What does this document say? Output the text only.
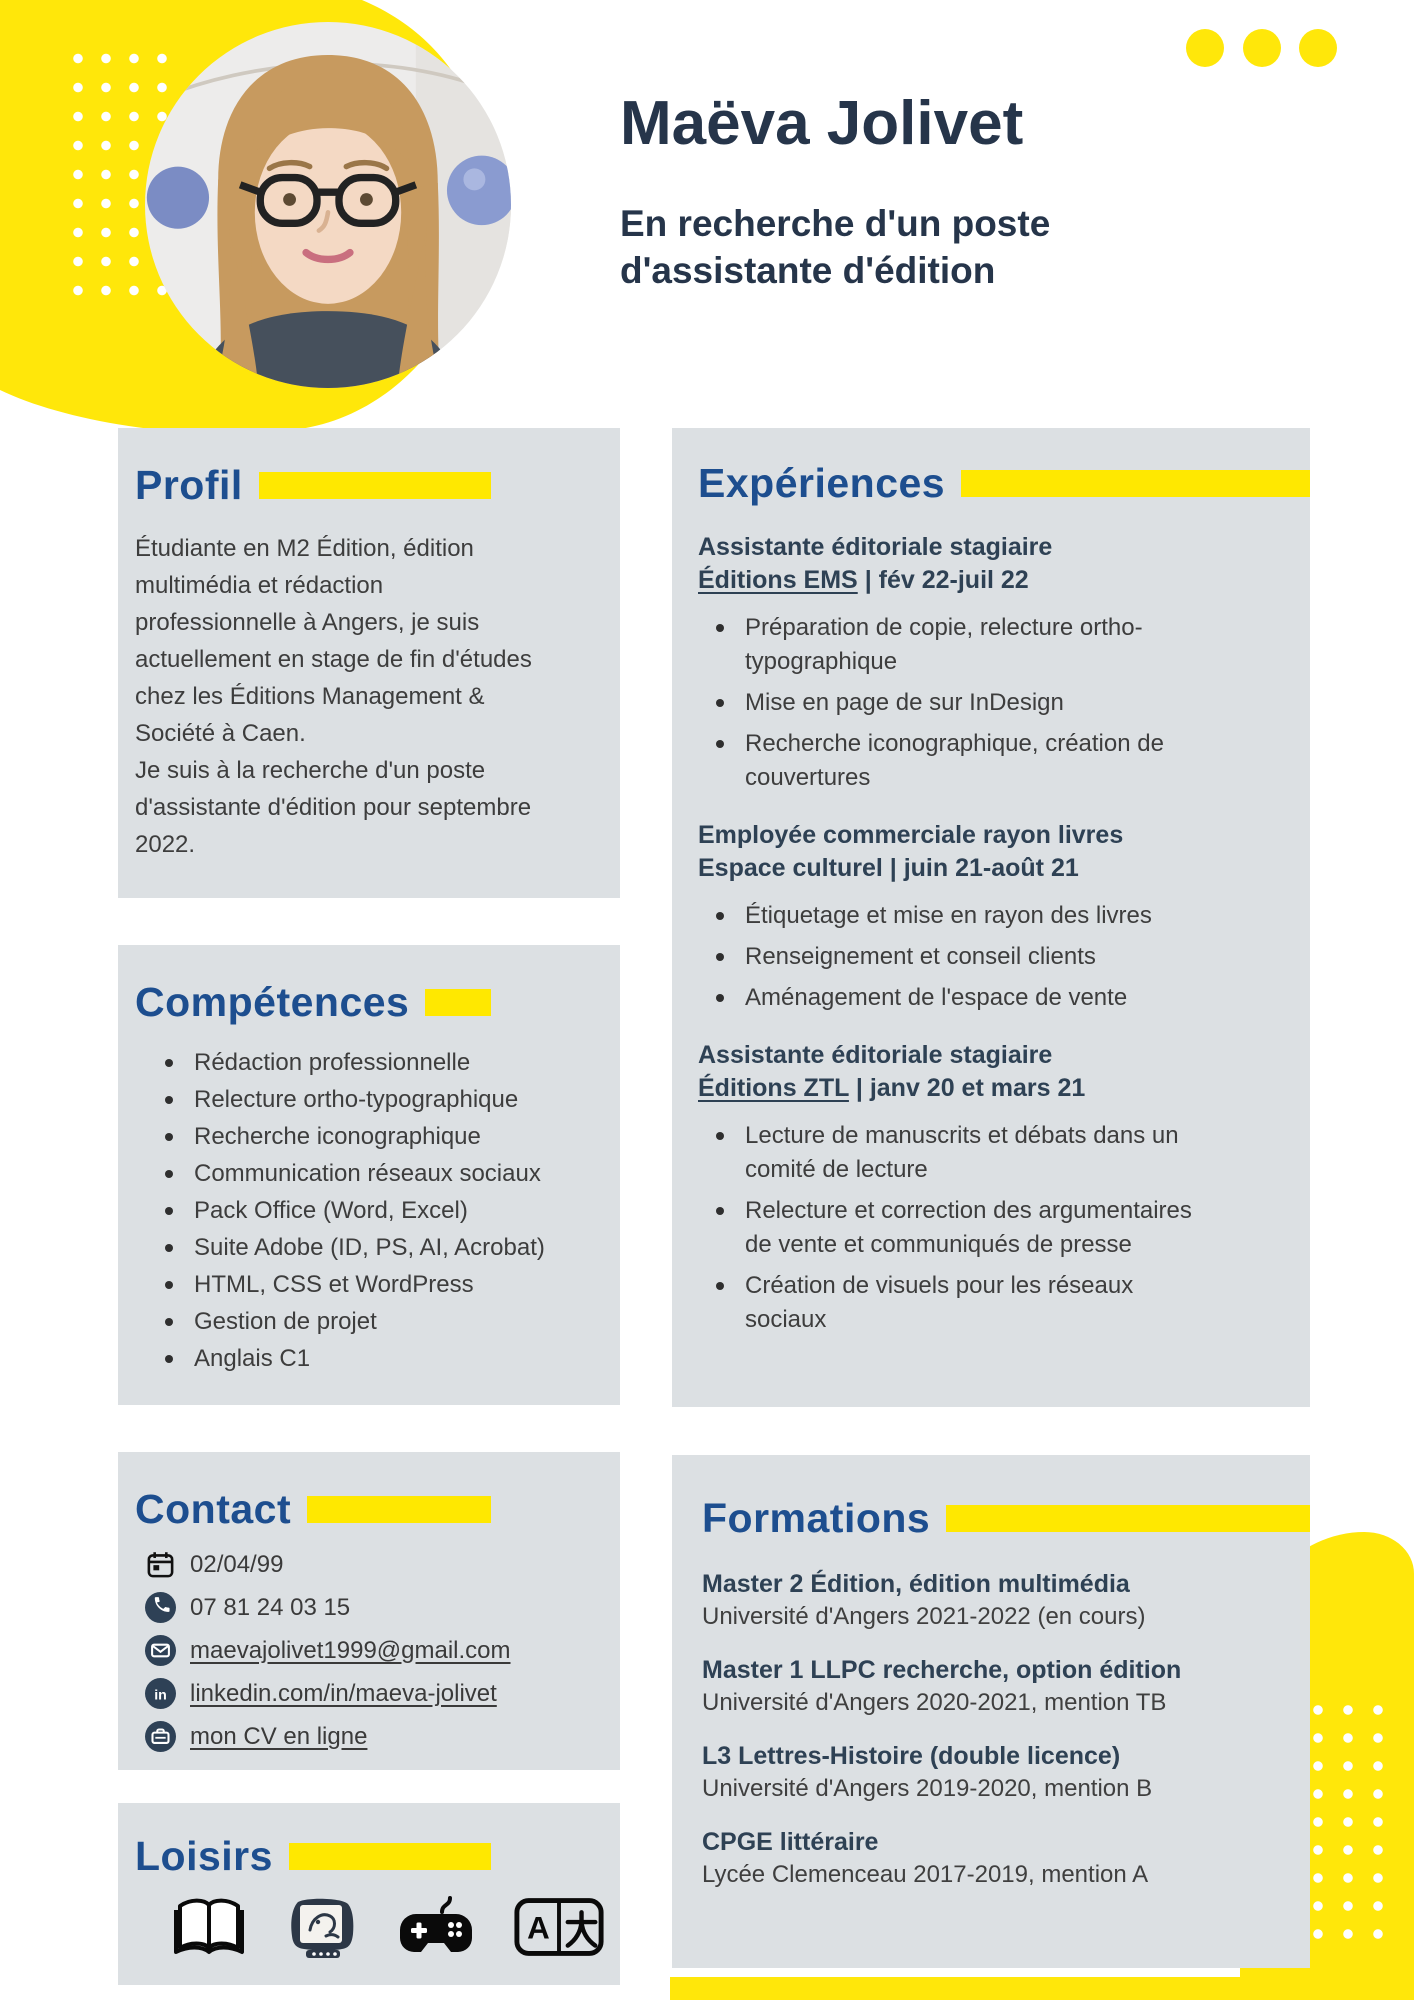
Maëva Jolivet
En recherche d'un poste d'assistante d'édition
Profil
Étudiante en M2 Édition, édition multimédia et rédaction professionnelle à Angers, je suis actuellement en stage de fin d'études chez les Éditions Management & Société à Caen.
Je suis à la recherche d'un poste d'assistante d'édition pour septembre 2022.
Compétences
Rédaction professionnelle
Relecture ortho-typographique
Recherche iconographique
Communication réseaux sociaux
Pack Office (Word, Excel)
Suite Adobe (ID, PS, AI, Acrobat)
HTML, CSS et WordPress
Gestion de projet
Anglais C1
Contact
02/04/99
07 81 24 03 15
maevajolivet1999@gmail.com
in linkedin.com/in/maeva-jolivet
mon CV en ligne
Loisirs
A
Expériences
Assistante éditoriale stagiaire
Éditions EMS | fév 22-juil 22
Préparation de copie, relecture ortho-typographique
Mise en page de sur InDesign
Recherche iconographique, création de couvertures
Employée commerciale rayon livres
Espace culturel | juin 21-août 21
Étiquetage et mise en rayon des livres
Renseignement et conseil clients
Aménagement de l'espace de vente
Assistante éditoriale stagiaire
Éditions ZTL | janv 20 et mars 21
Lecture de manuscrits et débats dans un comité de lecture
Relecture et correction des argumentaires de vente et communiqués de presse
Création de visuels pour les réseaux sociaux
Formations
Master 2 Édition, édition multimédia
Université d'Angers 2021-2022 (en cours)
Master 1 LLPC recherche, option édition
Université d'Angers 2020-2021, mention TB
L3 Lettres-Histoire (double licence)
Université d'Angers 2019-2020, mention B
CPGE littéraire
Lycée Clemenceau 2017-2019, mention A
